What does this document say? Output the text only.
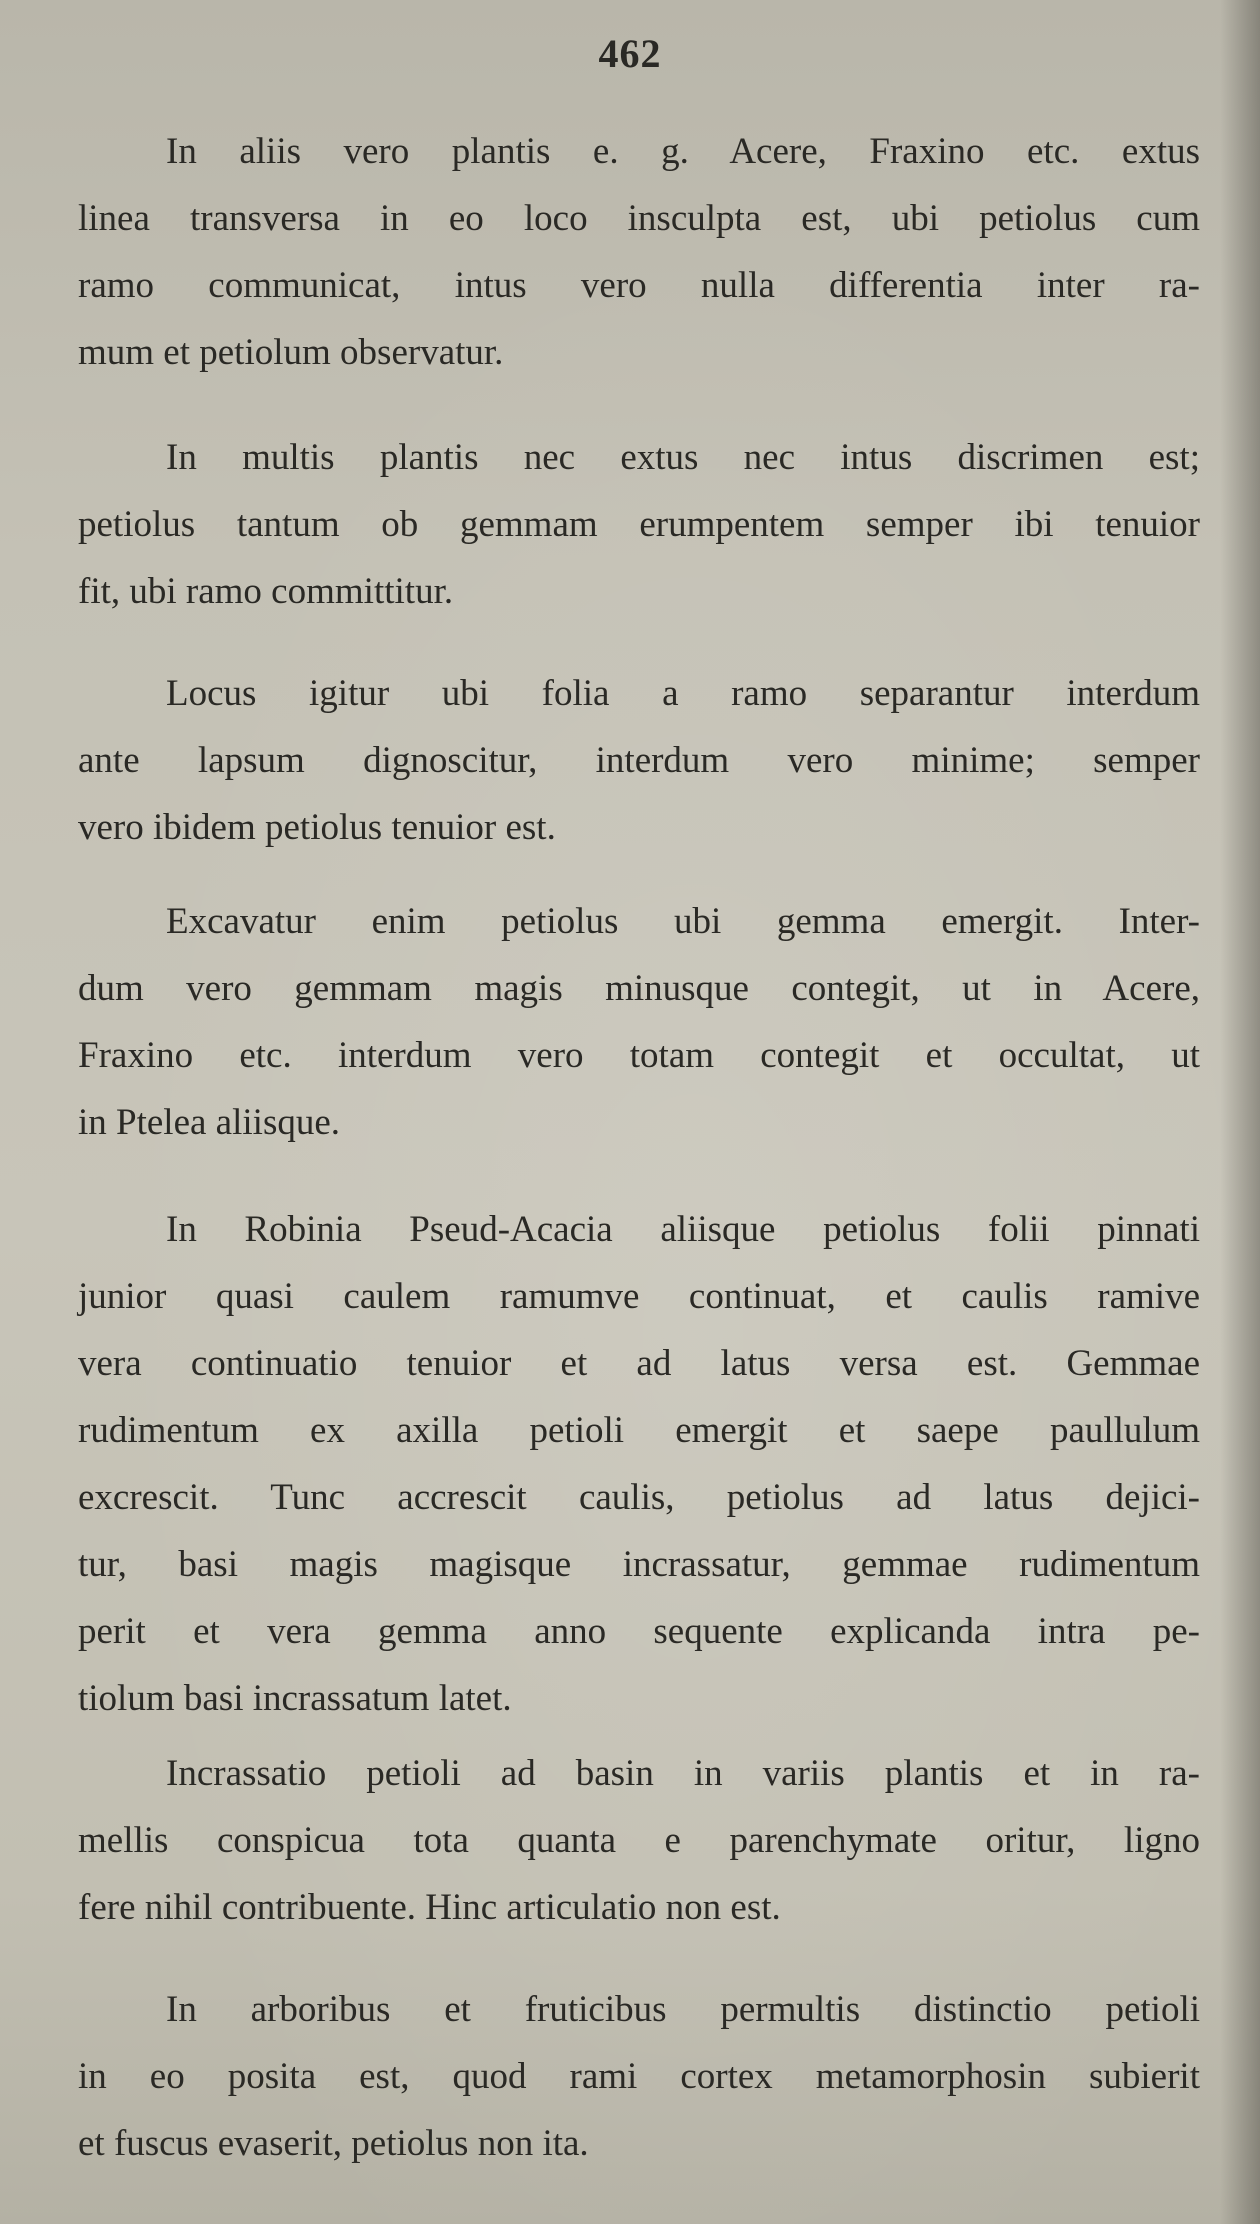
462
In aliis vero plantis e. g. Acere, Fraxino etc. extus
linea transversa in eo loco insculpta est, ubi petiolus cum
ramo communicat, intus vero nulla differentia inter ra-
mum et petiolum observatur.
In multis plantis nec extus nec intus discrimen est;
petiolus tantum ob gemmam erumpentem semper ibi tenuior
fit, ubi ramo committitur.
Locus igitur ubi folia a ramo separantur interdum
ante lapsum dignoscitur, interdum vero minime; semper
vero ibidem petiolus tenuior est.
Excavatur enim petiolus ubi gemma emergit. Inter-
dum vero gemmam magis minusque contegit, ut in Acere,
Fraxino etc. interdum vero totam contegit et occultat, ut
in Ptelea aliisque.
In Robinia Pseud-Acacia aliisque petiolus folii pinnati
junior quasi caulem ramumve continuat, et caulis ramive
vera continuatio tenuior et ad latus versa est. Gemmae
rudimentum ex axilla petioli emergit et saepe paullulum
excrescit. Tunc accrescit caulis, petiolus ad latus dejici-
tur, basi magis magisque incrassatur, gemmae rudimentum
perit et vera gemma anno sequente explicanda intra pe-
tiolum basi incrassatum latet.
Incrassatio petioli ad basin in variis plantis et in ra-
mellis conspicua tota quanta e parenchymate oritur, ligno
fere nihil contribuente. Hinc articulatio non est.
In arboribus et fruticibus permultis distinctio petioli
in eo posita est, quod rami cortex metamorphosin subierit
et fuscus evaserit, petiolus non ita.
